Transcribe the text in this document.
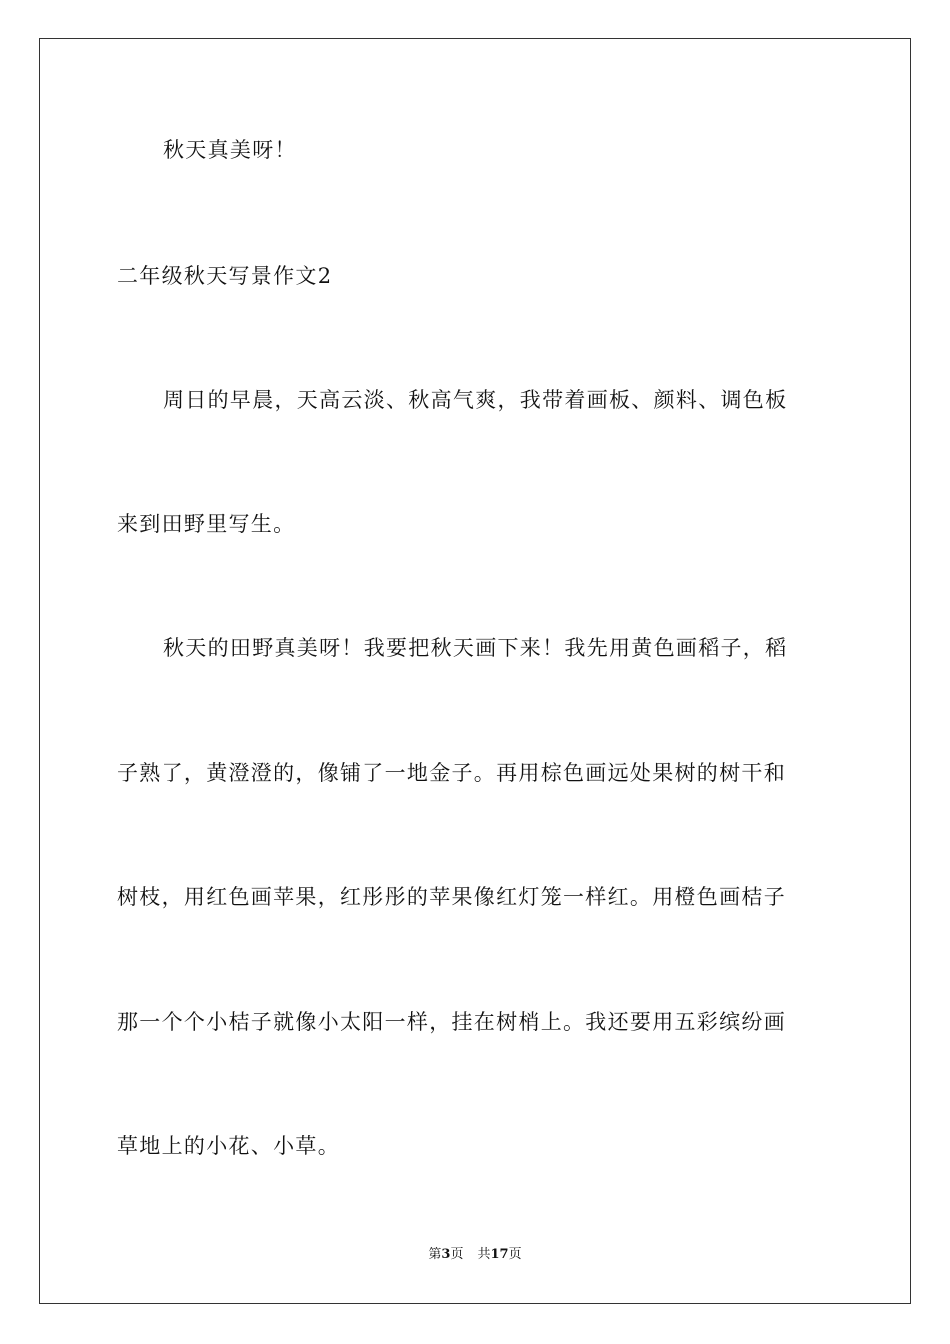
秋天真美呀！
二年级秋天写景作文2
周日的早晨，天高云淡、秋高气爽，我带着画板、颜料、调色板
来到田野里写生。
秋天的田野真美呀！我要把秋天画下来！我先用黄色画稻子，稻
子熟了，黄澄澄的，像铺了一地金子。再用棕色画远处果树的树干和
树枝，用红色画苹果，红彤彤的苹果像红灯笼一样红。用橙色画桔子
那一个个小桔子就像小太阳一样，挂在树梢上。我还要用五彩缤纷画
草地上的小花、小草。
第3页 共17页
